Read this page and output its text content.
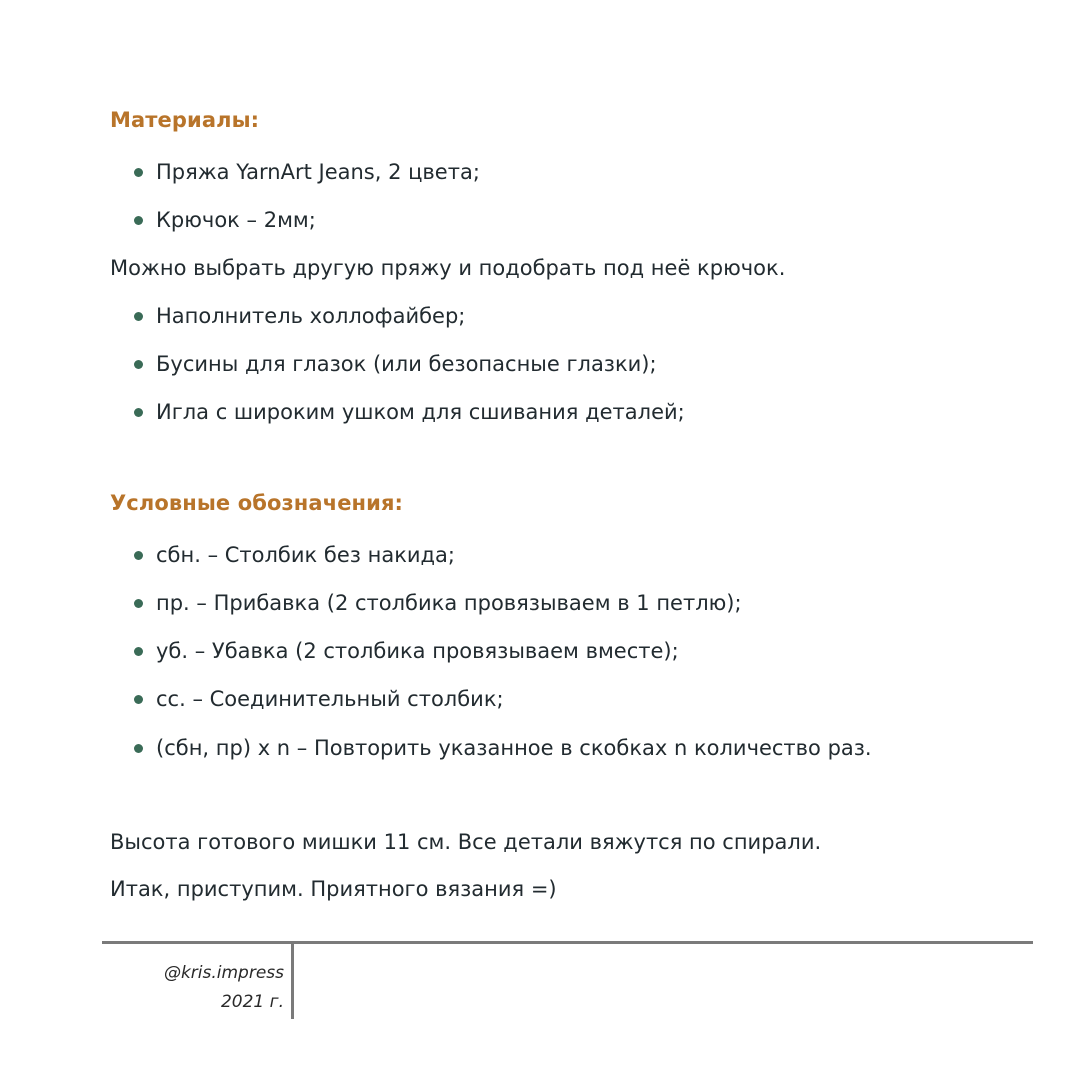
Материалы:
Пряжа YarnArt Jeans, 2 цвета;
Крючок – 2мм;
Можно выбрать другую пряжу и подобрать под неё крючок.
Наполнитель холлофайбер;
Бусины для глазок (или безопасные глазки);
Игла с широким ушком для сшивания деталей;
Условные обозначения:
сбн. – Столбик без накида;
пр. – Прибавка (2 столбика провязываем в 1 петлю);
уб. – Убавка (2 столбика провязываем вместе);
сс. – Соединительный столбик;
(сбн, пр) х n – Повторить указанное в скобках n количество раз.
Высота готового мишки 11 см. Все детали вяжутся по спирали.
Итак, приступим. Приятного вязания =)
@kris.impress
2021 г.
